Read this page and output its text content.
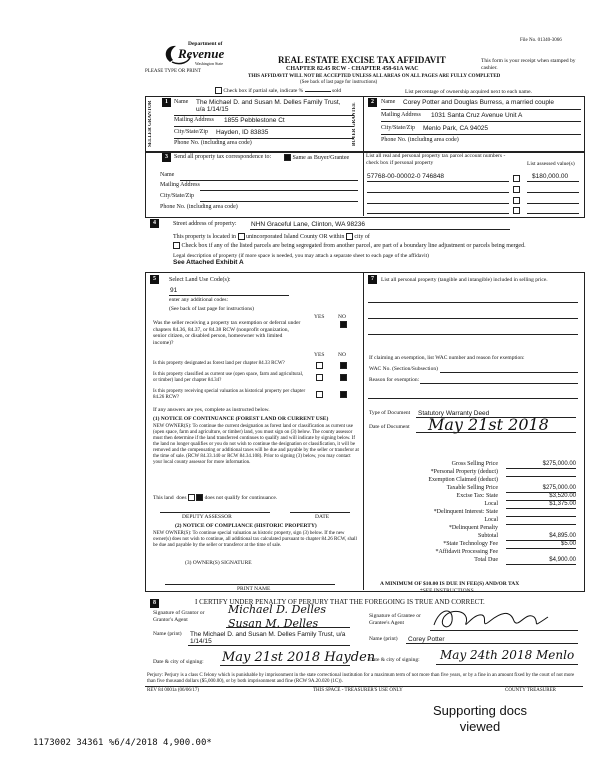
File No. 01340-3066
Department of
Revenue
Washington State
PLEASE TYPE OR PRINT
REAL ESTATE EXCISE TAX AFFIDAVIT
CHAPTER 82.45 RCW - CHAPTER 458-61A WAC
THIS AFFIDAVIT WILL NOT BE ACCEPTED UNLESS ALL AREAS ON ALL PAGES ARE FULLY COMPLETED
(See back of last page for instructions)
This form is your receipt when stamped by cashier.
Check box if partial sale, indicate %	sold	List percentage of ownership acquired next to each name.
1	2
SELLER GRANTOR	BUYER GRANTEE
Name The Michael D. and Susan M. Delles Family Trust, u/a 1/14/15
Mailing Address 1855 Pebblestone Ct
City/State/Zip Hayden, ID 83835
Phone No. (including area code)
Name Corey Potter and Douglas Burress, a married couple
Mailing Address 1031 Santa Cruz Avenue Unit A
City/State/Zip Menlo Park, CA 94025
Phone No. (including area code)
3	Send all property tax correspondence to:	Same as Buyer/Grantee
Name
Mailing Address
City/State/Zip
Phone No. (including area code)
List all real and personal property tax parcel account numbers - check box if personal property	List assessed value(s)
57768-00-00002-0 746848	$180,000.00
4	Street address of property: NHN Graceful Lane, Clinton, WA 98236
This property is located in unincorporated Island County OR within city of
Check box if any of the listed parcels are being segregated from another parcel, are part of a boundary line adjustment or parcels being merged.
Legal description of property (if more space is needed, you may attach a separate sheet to each page of the affidavit)
See Attached Exhibit A
5	7
Select Land Use Code(s):
91
enter any additional codes:
(See back of last page for instructions)
YES NO
Was the seller receiving a property tax exemption or deferral under chapters 84.36, 84.37, or 84.38 RCW (nonprofit organization, senior citizen, or disabled person, homeowner with limited income)?
YES NO
Is this property designated as forest land per chapter 84.33 RCW?
Is this property classified as current use (open space, farm and agricultural, or timber) land per chapter 84.34?
Is this property receiving special valuation as historical property per chapter 84.26 RCW?
If any answers are yes, complete as instructed below.
(1) NOTICE OF CONTINUANCE (FOREST LAND OR CURRENT USE)
NEW OWNER(S): To continue the current designation as forest land or classification as current use (open space, farm and agriculture, or timber) land, you must sign on (3) below. The county assessor must then determine if the land transferred continues to qualify and will indicate by signing below. If the land no longer qualifies or you do not wish to continue the designation or classification, it will be removed and the compensating or additional taxes will be due and payable by the seller or transferor at the time of sale. (RCW 84.33.140 or RCW 84.34.108). Prior to signing (3) below, you may contact your local county assessor for more information.
This land does	does not qualify for continuance.
DEPUTY ASSESSOR	DATE
(2) NOTICE OF COMPLIANCE (HISTORIC PROPERTY)
NEW OWNER(S): To continue special valuation as historic property, sign (3) below. If the new owner(s) does not wish to continue, all additional tax calculated pursuant to chapter 84.26 RCW, shall be due and payable by the seller or transferor at the time of sale.
(3) OWNER(S) SIGNATURE
PRINT NAME
List all personal property (tangible and intangible) included in selling price.
If claiming an exemption, list WAC number and reason for exemption:
WAC No. (Section/Subsection)
Reason for exemption:
Type of Document Statutory Warranty Deed
Date of Document May 21st 2018
Gross Selling Price	$275,000.00
*Personal Property (deduct)
Exemption Claimed (deduct)
Taxable Selling Price	$275,000.00
Excise Tax: State	$3,520.00
Local	$1,375.00
*Delinquent Interest: State
Local
*Delinquent Penalty
Subtotal	$4,895.00
*State Technology Fee	$5.00
*Affidavit Processing Fee
Total Due	$4,900.00
A MINIMUM OF $10.00 IS DUE IN FEE(S) AND/OR TAX
*SEE INSTRUCTIONS
8	I CERTIFY UNDER PENALTY OF PERJURY THAT THE FOREGOING IS TRUE AND CORRECT.
Signature of Grantor or Grantor's Agent
Michael D. Delles
Susan M. Delles
Name (print) The Michael D. and Susan M. Delles Family Trust, u/a 1/14/15
Date & city of signing: May 21st 2018 Hayden
Signature of Grantee or Grantee's Agent
Name (print) Corey Potter
Date & city of signing: May 24th 2018 Menlo
Perjury: Perjury is a class C felony which is punishable by imprisonment in the state correctional institution for a maximum term of not more than five years, or by a fine in an amount fixed by the court of not more than five thousand dollars ($5,000.00), or by both imprisonment and fine (RCW 9A.20.020 (1C)).
REV 84 0001a (06/06/17)	THIS SPACE - TREASURER'S USE ONLY	COUNTY TREASURER
Supporting docs viewed
1173002 34361 %6/4/2018 4,900.00*
